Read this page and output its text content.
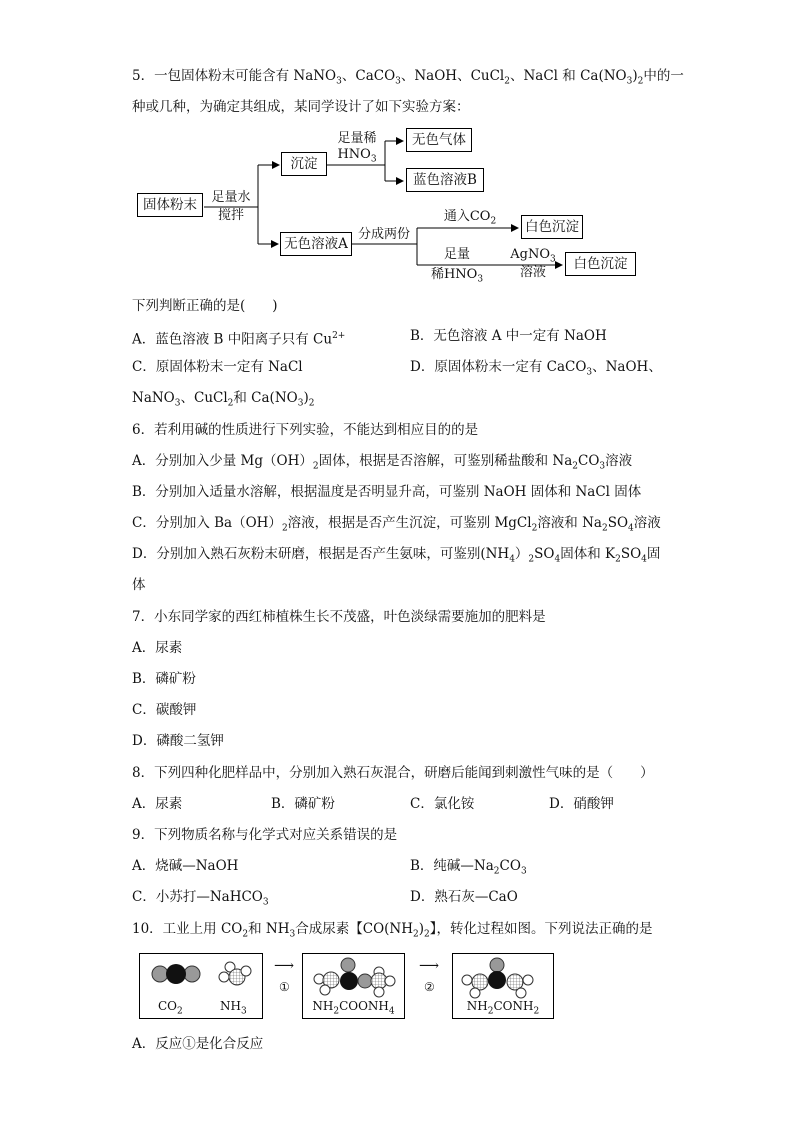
5．一包固体粉末可能含有 NaNO$_3$、CaCO$_3$、NaOH、CuCl$_2$、NaCl 和 $Ca(NO_3)_2$中的一
种或几种，为确定其组成，某同学设计了如下实验方案：
固体粉末	足量水
搅拌
沉淀
足量稀
$HNO_3$
无色气体
蓝色溶液B
无色溶液A
分成两份
通入$CO_2$	白色沉淀
足量
稀$HNO_3$
AgNO$_3$
溶液
白色沉淀
下列判断正确的是(　　)
A．蓝色溶液 B 中阳离子只有 $Cu^{2+}$	B．无色溶液 A 中一定有 NaOH
C．原固体粉末一定有 NaCl	D．原固体粉末一定有 CaCO$_3$、NaOH、
NaNO$_3$、CuCl$_2$和 $Ca(NO_3)_2$
6．若利用碱的性质进行下列实验，不能达到相应目的的是
A．分别加入少量 $Mg(OH)_2$固体，根据是否溶解，可鉴别稀盐酸和 $Na_2CO_3$溶液
B．分别加入适量水溶解，根据温度是否明显升高，可鉴别 NaOH 固体和 NaCl 固体
C．分别加入 $Ba(OH)_2$溶液，根据是否产生沉淀，可鉴别 MgCl$_2$溶液和 $Na_2SO_4$溶液
D．分别加入熟石灰粉末研磨，根据是否产生氨味，可鉴别$(NH_4)_2SO_4$固体和 $K_2SO_4$固
体
7．小东同学家的西红柿植株生长不茂盛，叶色淡绿需要施加的肥料是
A．尿素
B．磷矿粉
C．碳酸钾
D．磷酸二氢钾
8．下列四种化肥样品中，分别加入熟石灰混合，研磨后能闻到刺激性气味的是（　　）
A．尿素	B．磷矿粉	C．氯化铵	D．硝酸钾
9．下列物质名称与化学式对应关系错误的是
A．烧碱—NaOH	B．纯碱$—Na_2CO_3$
C．小苏打—NaHCO$_3$	D．熟石灰—CaO
10．工业上用 $CO_2$和 $NH_3$合成尿素【$CO(NH_2)_2$】，转化过程如图。下列说法正确的是
$CO_2$	$NH_3$
⟶
①
$NH_2COONH_4$
⟶
②
$NH_2CONH_2$
A．反应①是化合反应
